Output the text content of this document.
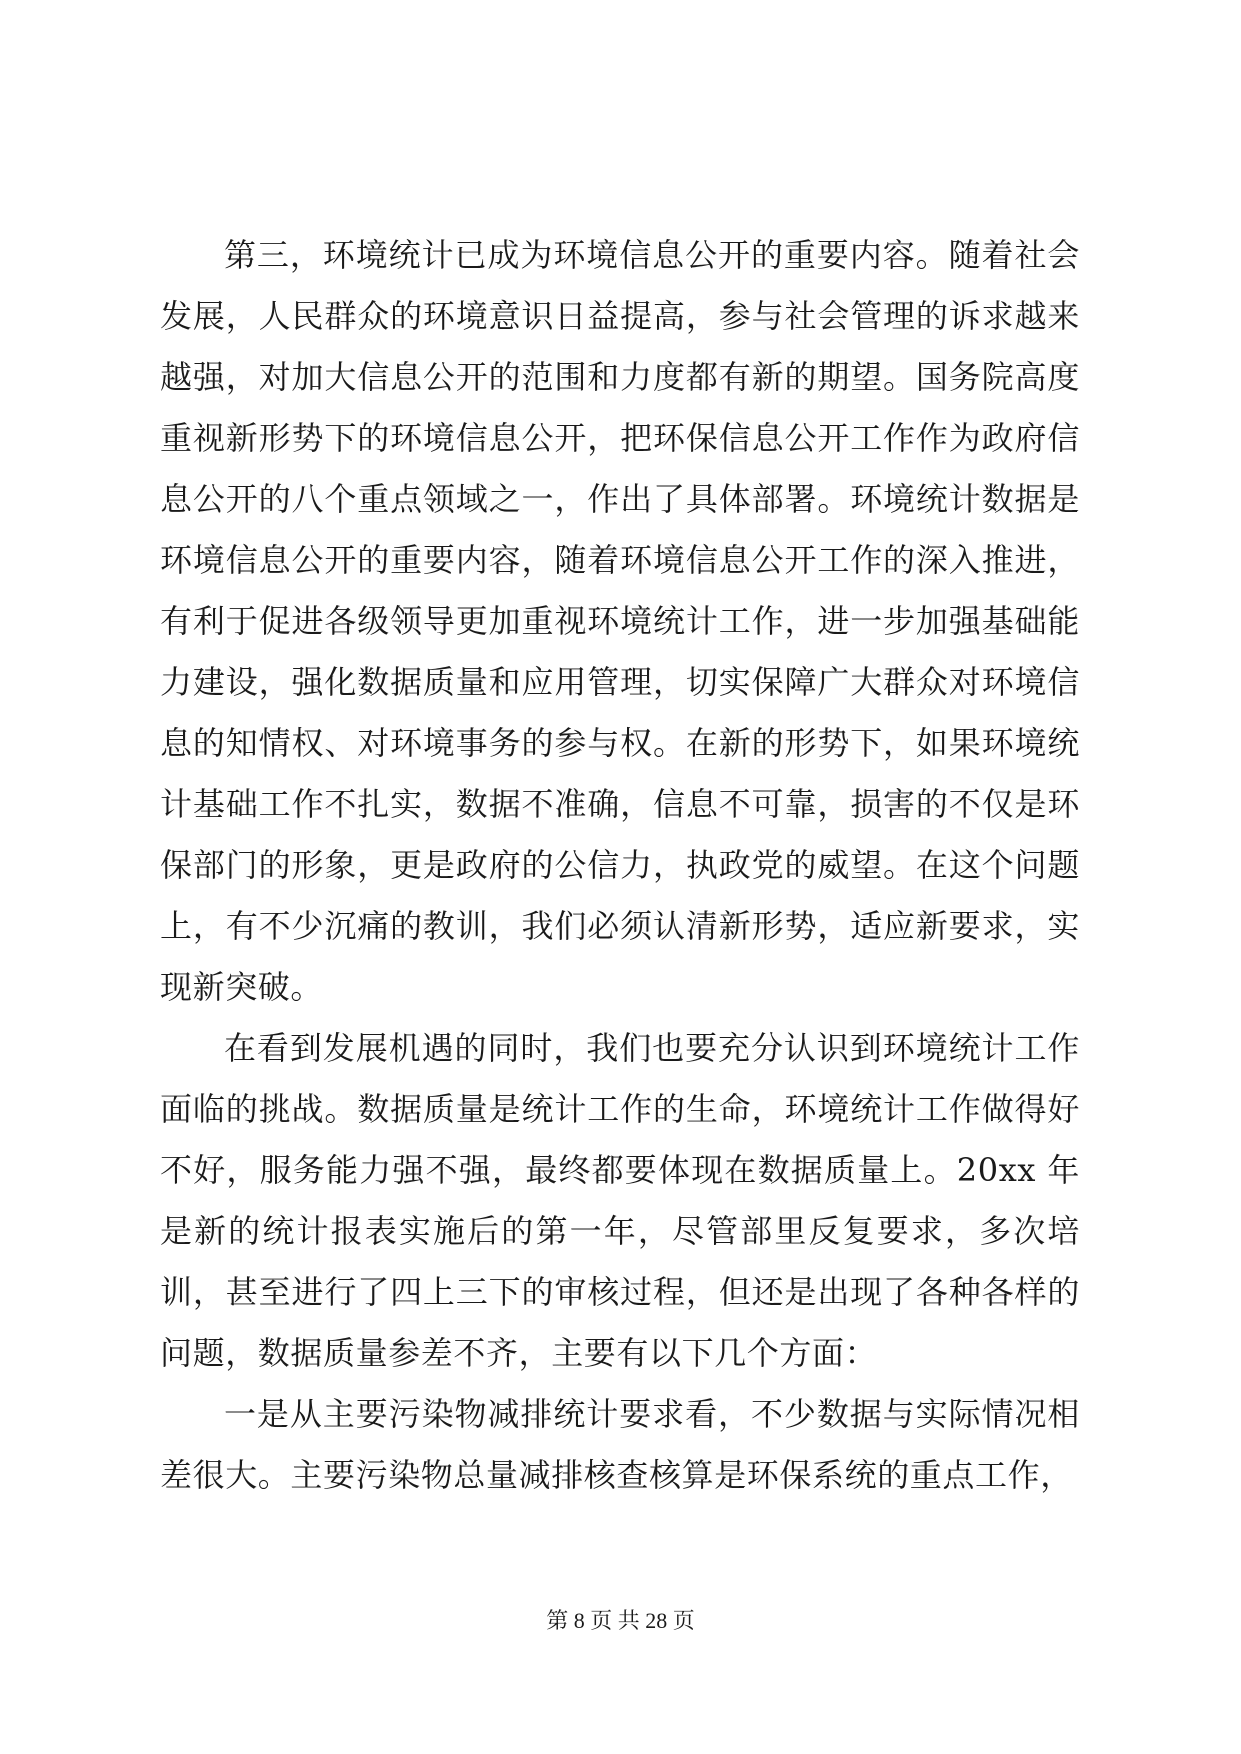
第三，环境统计已成为环境信息公开的重要内容。随着社会发展，人民群众的环境意识日益提高，参与社会管理的诉求越来越强，对加大信息公开的范围和力度都有新的期望。国务院高度重视新形势下的环境信息公开，把环保信息公开工作作为政府信息公开的八个重点领域之一，作出了具体部署。环境统计数据是环境信息公开的重要内容，随着环境信息公开工作的深入推进，有利于促进各级领导更加重视环境统计工作，进一步加强基础能力建设，强化数据质量和应用管理，切实保障广大群众对环境信息的知情权、对环境事务的参与权。在新的形势下，如果环境统计基础工作不扎实，数据不准确，信息不可靠，损害的不仅是环保部门的形象，更是政府的公信力，执政党的威望。在这个问题上，有不少沉痛的教训，我们必须认清新形势，适应新要求，实现新突破。

在看到发展机遇的同时，我们也要充分认识到环境统计工作面临的挑战。数据质量是统计工作的生命，环境统计工作做得好不好，服务能力强不强，最终都要体现在数据质量上。20xx 年是新的统计报表实施后的第一年，尽管部里反复要求，多次培训，甚至进行了四上三下的审核过程，但还是出现了各种各样的问题，数据质量参差不齐，主要有以下几个方面：

一是从主要污染物减排统计要求看，不少数据与实际情况相差很大。主要污染物总量减排核查核算是环保系统的重点工作，

第 8 页 共 28 页
